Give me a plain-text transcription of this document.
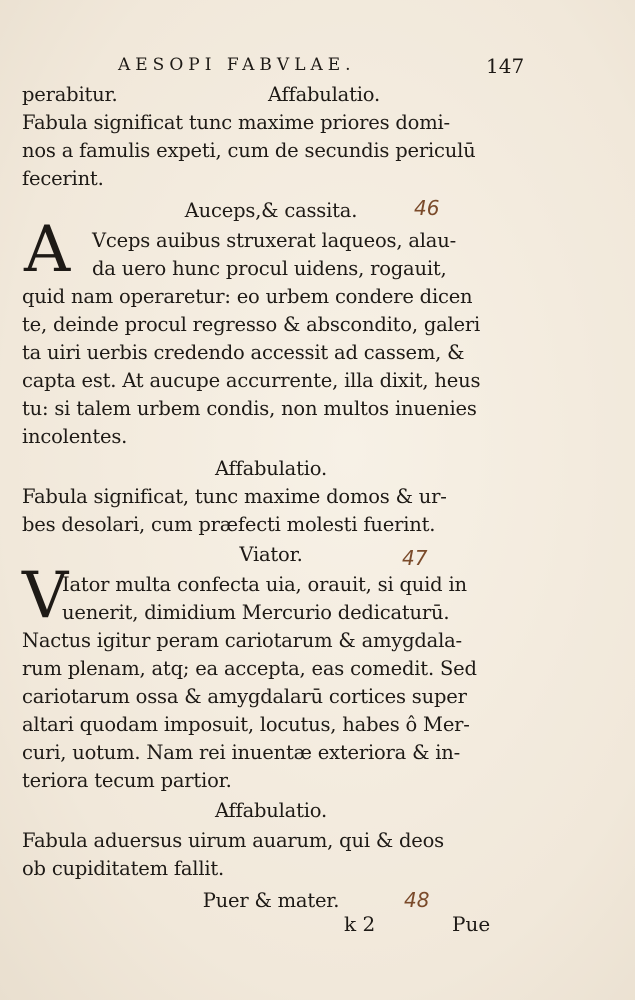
AESOPI FABVLAE.	147
perabitur.	Affabulatio.
Fabula significat tunc maxime priores domi-
nos a famulis expeti, cum de secundis periculū
fecerint.
Auceps,& cassita.	46
A Vceps auibus struxerat laqueos, alau-
da uero hunc procul uidens, rogauit,
quid nam operaretur: eo urbem condere dicen
te, deinde procul regresso & abscondito, galeri
ta uiri uerbis credendo accessit ad cassem, &
capta est. At aucupe accurrente, illa dixit, heus
tu: si talem urbem condis, non multos inuenies
incolentes.
Affabulatio.
Fabula significat, tunc maxime domos & ur-
bes desolari, cum præfecti molesti fuerint.
Viator.	47
V
Iator multa confecta uia, orauit, si quid in
uenerit, dimidium Mercurio dedicaturū.
Nactus igitur peram cariotarum & amygdala-
rum plenam, atq; ea accepta, eas comedit. Sed
cariotarum ossa & amygdalarū cortices super
altari quodam imposuit, locutus, habes ô Mer-
curi, uotum. Nam rei inuentæ exteriora & in-
teriora tecum partior.
Affabulatio.
Fabula aduersus uirum auarum, qui & deos
ob cupiditatem fallit.
Puer & mater.	48
k 2	Pue
